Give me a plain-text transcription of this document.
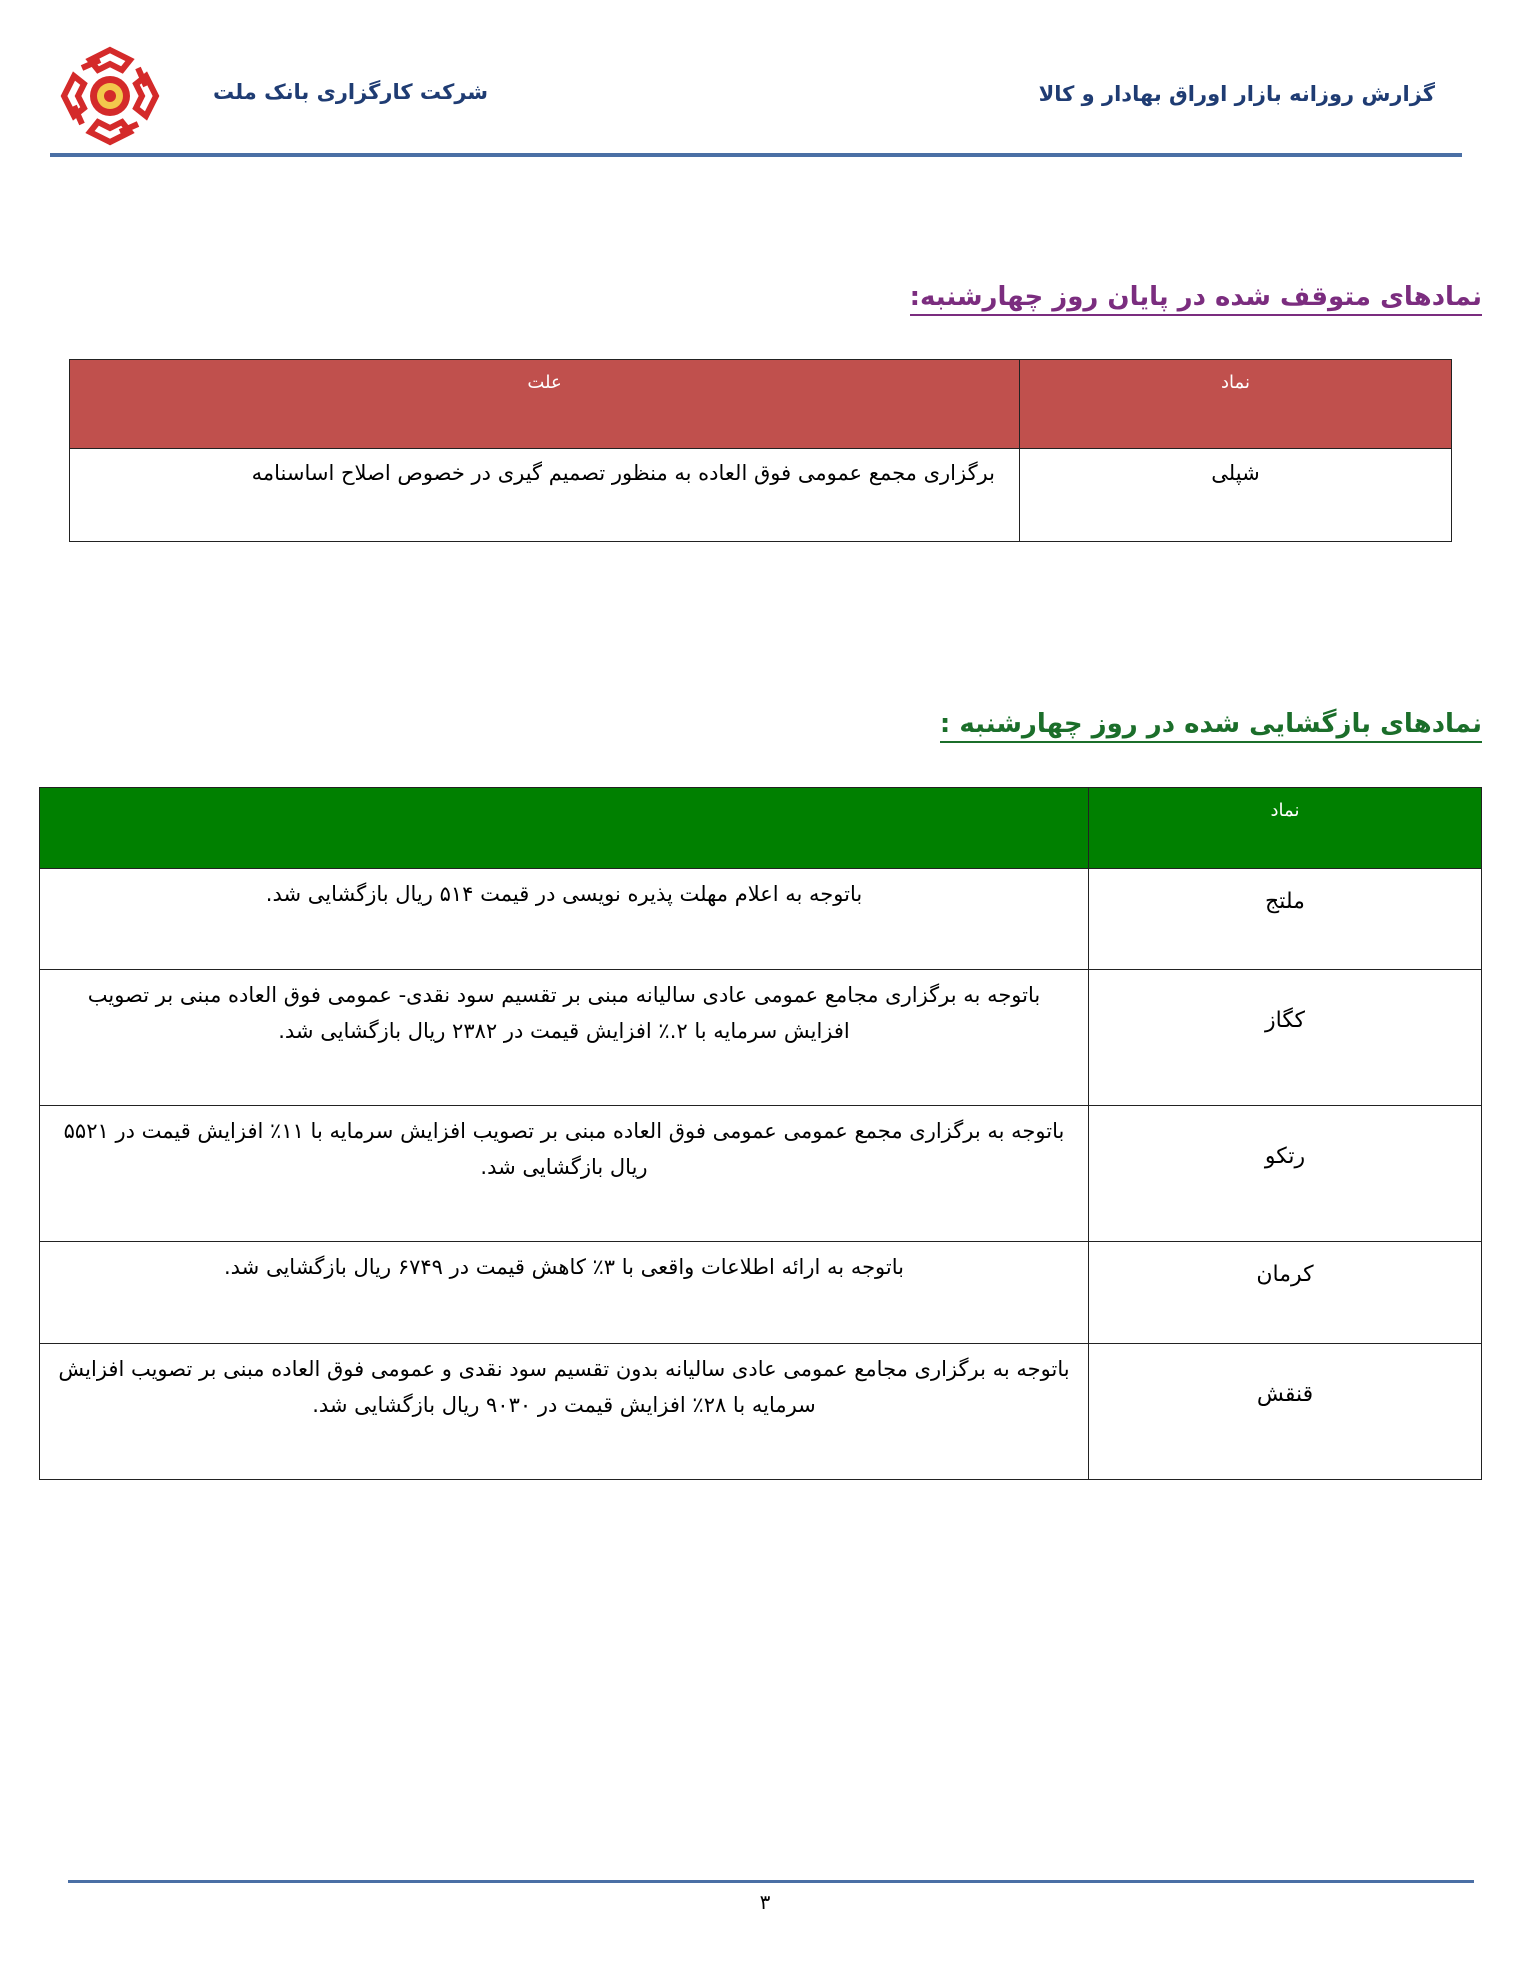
گزارش روزانه بازار اوراق بهادار و کالا
شرکت کارگزاری بانک ملت
نمادهای متوقف شده در پایان روز چهارشنبه:
نماد	علت
شپلی	برگزاری مجمع عمومی فوق العاده به منظور تصمیم گیری در خصوص اصلاح اساسنامه
نمادهای بازگشایی شده در روز چهارشنبه :
نماد	
ملتج	باتوجه به اعلام مهلت پذیره نویسی در قیمت ۵۱۴ ریال بازگشایی شد.
کگاز	باتوجه به برگزاری مجامع عمومی عادی سالیانه مبنی بر تقسیم سود نقدی- عمومی فوق العاده مبنی بر تصویب افزایش سرمایه با ۲.٪ افزایش قیمت در ۲۳۸۲ ریال بازگشایی شد.
رتکو	باتوجه به برگزاری مجمع عمومی عمومی فوق العاده مبنی بر تصویب افزایش سرمایه با ۱۱٪ افزایش قیمت در ۵۵۲۱ ریال بازگشایی شد.
کرمان	باتوجه به ارائه اطلاعات واقعی با ۳٪ کاهش قیمت در ۶۷۴۹ ریال بازگشایی شد.
قنقش	باتوجه به برگزاری مجامع عمومی عادی سالیانه بدون تقسیم سود نقدی و عمومی فوق العاده مبنی بر تصویب افزایش سرمایه با ۲۸٪ افزایش قیمت در ۹۰۳۰ ریال بازگشایی شد.
۳
